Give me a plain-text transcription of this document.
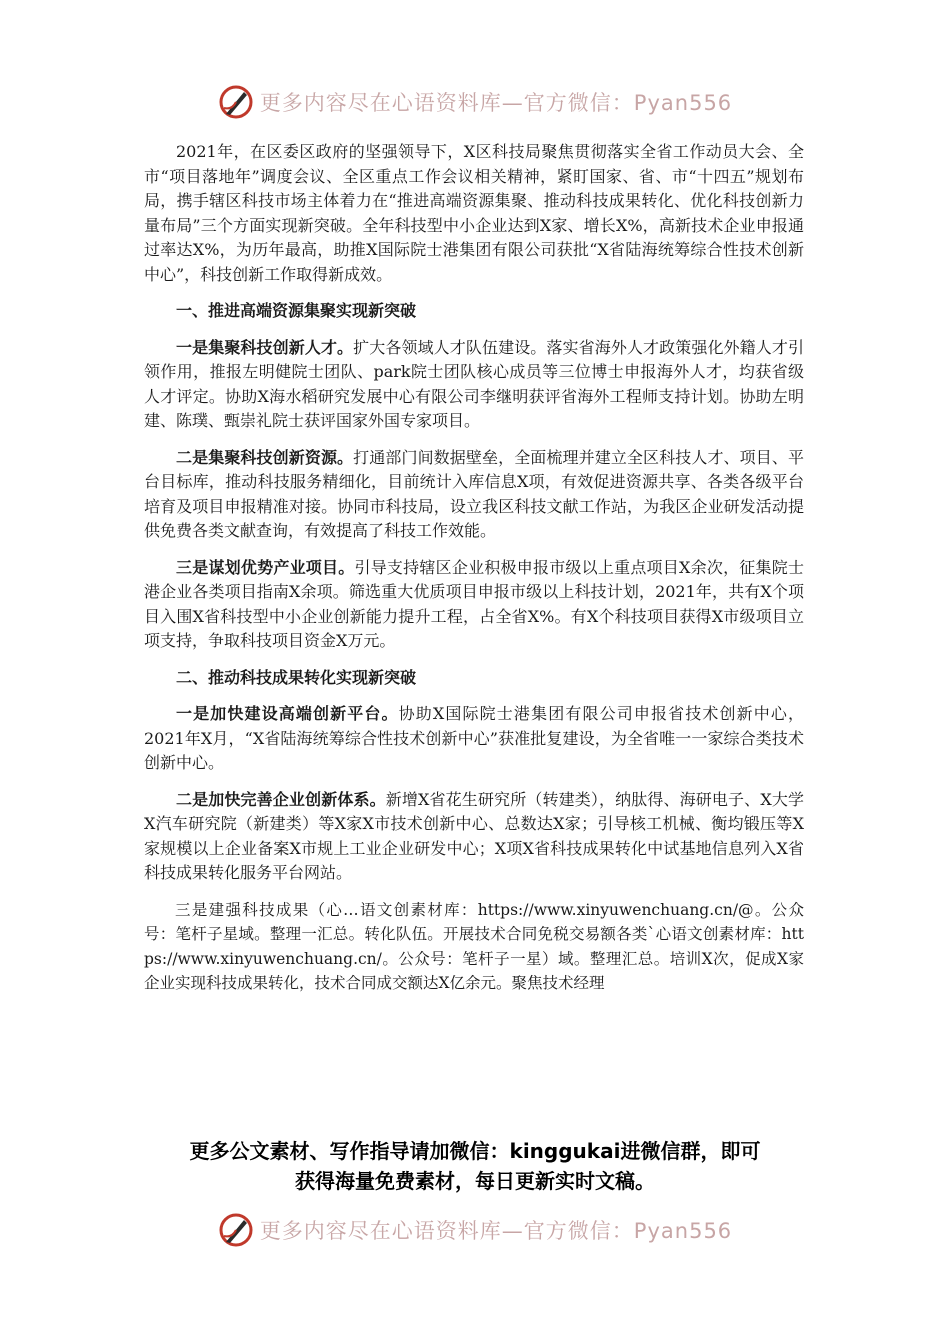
更多内容尽在心语资料库—官方微信：Pyan556

2021年，在区委区政府的坚强领导下，X区科技局聚焦贯彻落实全省工作动员大会、全市“项目落地年”调度会议、全区重点工作会议相关精神，紧盯国家、省、市“十四五”规划布局，携手辖区科技市场主体着力在“推进高端资源集聚、推动科技成果转化、优化科技创新力量布局”三个方面实现新突破。全年科技型中小企业达到X家、增长X%，高新技术企业申报通过率达X%，为历年最高，助推X国际院士港集团有限公司获批“X省陆海统筹综合性技术创新中心”，科技创新工作取得新成效。

一、推进高端资源集聚实现新突破

一是集聚科技创新人才。扩大各领域人才队伍建设。落实省海外人才政策强化外籍人才引领作用，推报左明健院士团队、park院士团队核心成员等三位博士申报海外人才，均获省级人才评定。协助X海水稻研究发展中心有限公司李继明获评省海外工程师支持计划。协助左明建、陈璞、甄崇礼院士获评国家外国专家项目。

二是集聚科技创新资源。打通部门间数据壁垒，全面梳理并建立全区科技人才、项目、平台目标库，推动科技服务精细化，目前统计入库信息X项，有效促进资源共享、各类各级平台培育及项目申报精准对接。协同市科技局，设立我区科技文献工作站，为我区企业研发活动提供免费各类文献查询，有效提高了科技工作效能。

三是谋划优势产业项目。引导支持辖区企业积极申报市级以上重点项目X余次，征集院士港企业各类项目指南X余项。筛选重大优质项目申报市级以上科技计划，2021年，共有X个项目入围X省科技型中小企业创新能力提升工程，占全省X%。有X个科技项目获得X市级项目立项支持，争取科技项目资金X万元。

二、推动科技成果转化实现新突破

一是加快建设高端创新平台。协助X国际院士港集团有限公司申报省技术创新中心，2021年X月，“X省陆海统筹综合性技术创新中心”获准批复建设，为全省唯一一家综合类技术创新中心。

二是加快完善企业创新体系。新增X省花生研究所（转建类），纳肽得、海研电子、X大学X汽车研究院（新建类）等X家X市技术创新中心、总数达X家；引导核工机械、衡均锻压等X家规模以上企业备案X市规上工业企业研发中心；X项X省科技成果转化中试基地信息列入X省科技成果转化服务平台网站。

三是建强科技成果（心…语文创素材库：https://www.xinyuwenchuang.cn/@。公众号：笔杆子星域。整理一汇总。转化队伍。开展技术合同免税交易额各类`心语文创素材库：https://www.xinyuwenchuang.cn/。公众号：笔杆子一星）域。整理汇总。培训X次，促成X家企业实现科技成果转化，技术合同成交额达X亿余元。聚焦技术经理

更多公文素材、写作指导请加微信：kinggukai进微信群，即可
获得海量免费素材，每日更新实时文稿。
更多内容尽在心语资料库—官方微信：Pyan556
